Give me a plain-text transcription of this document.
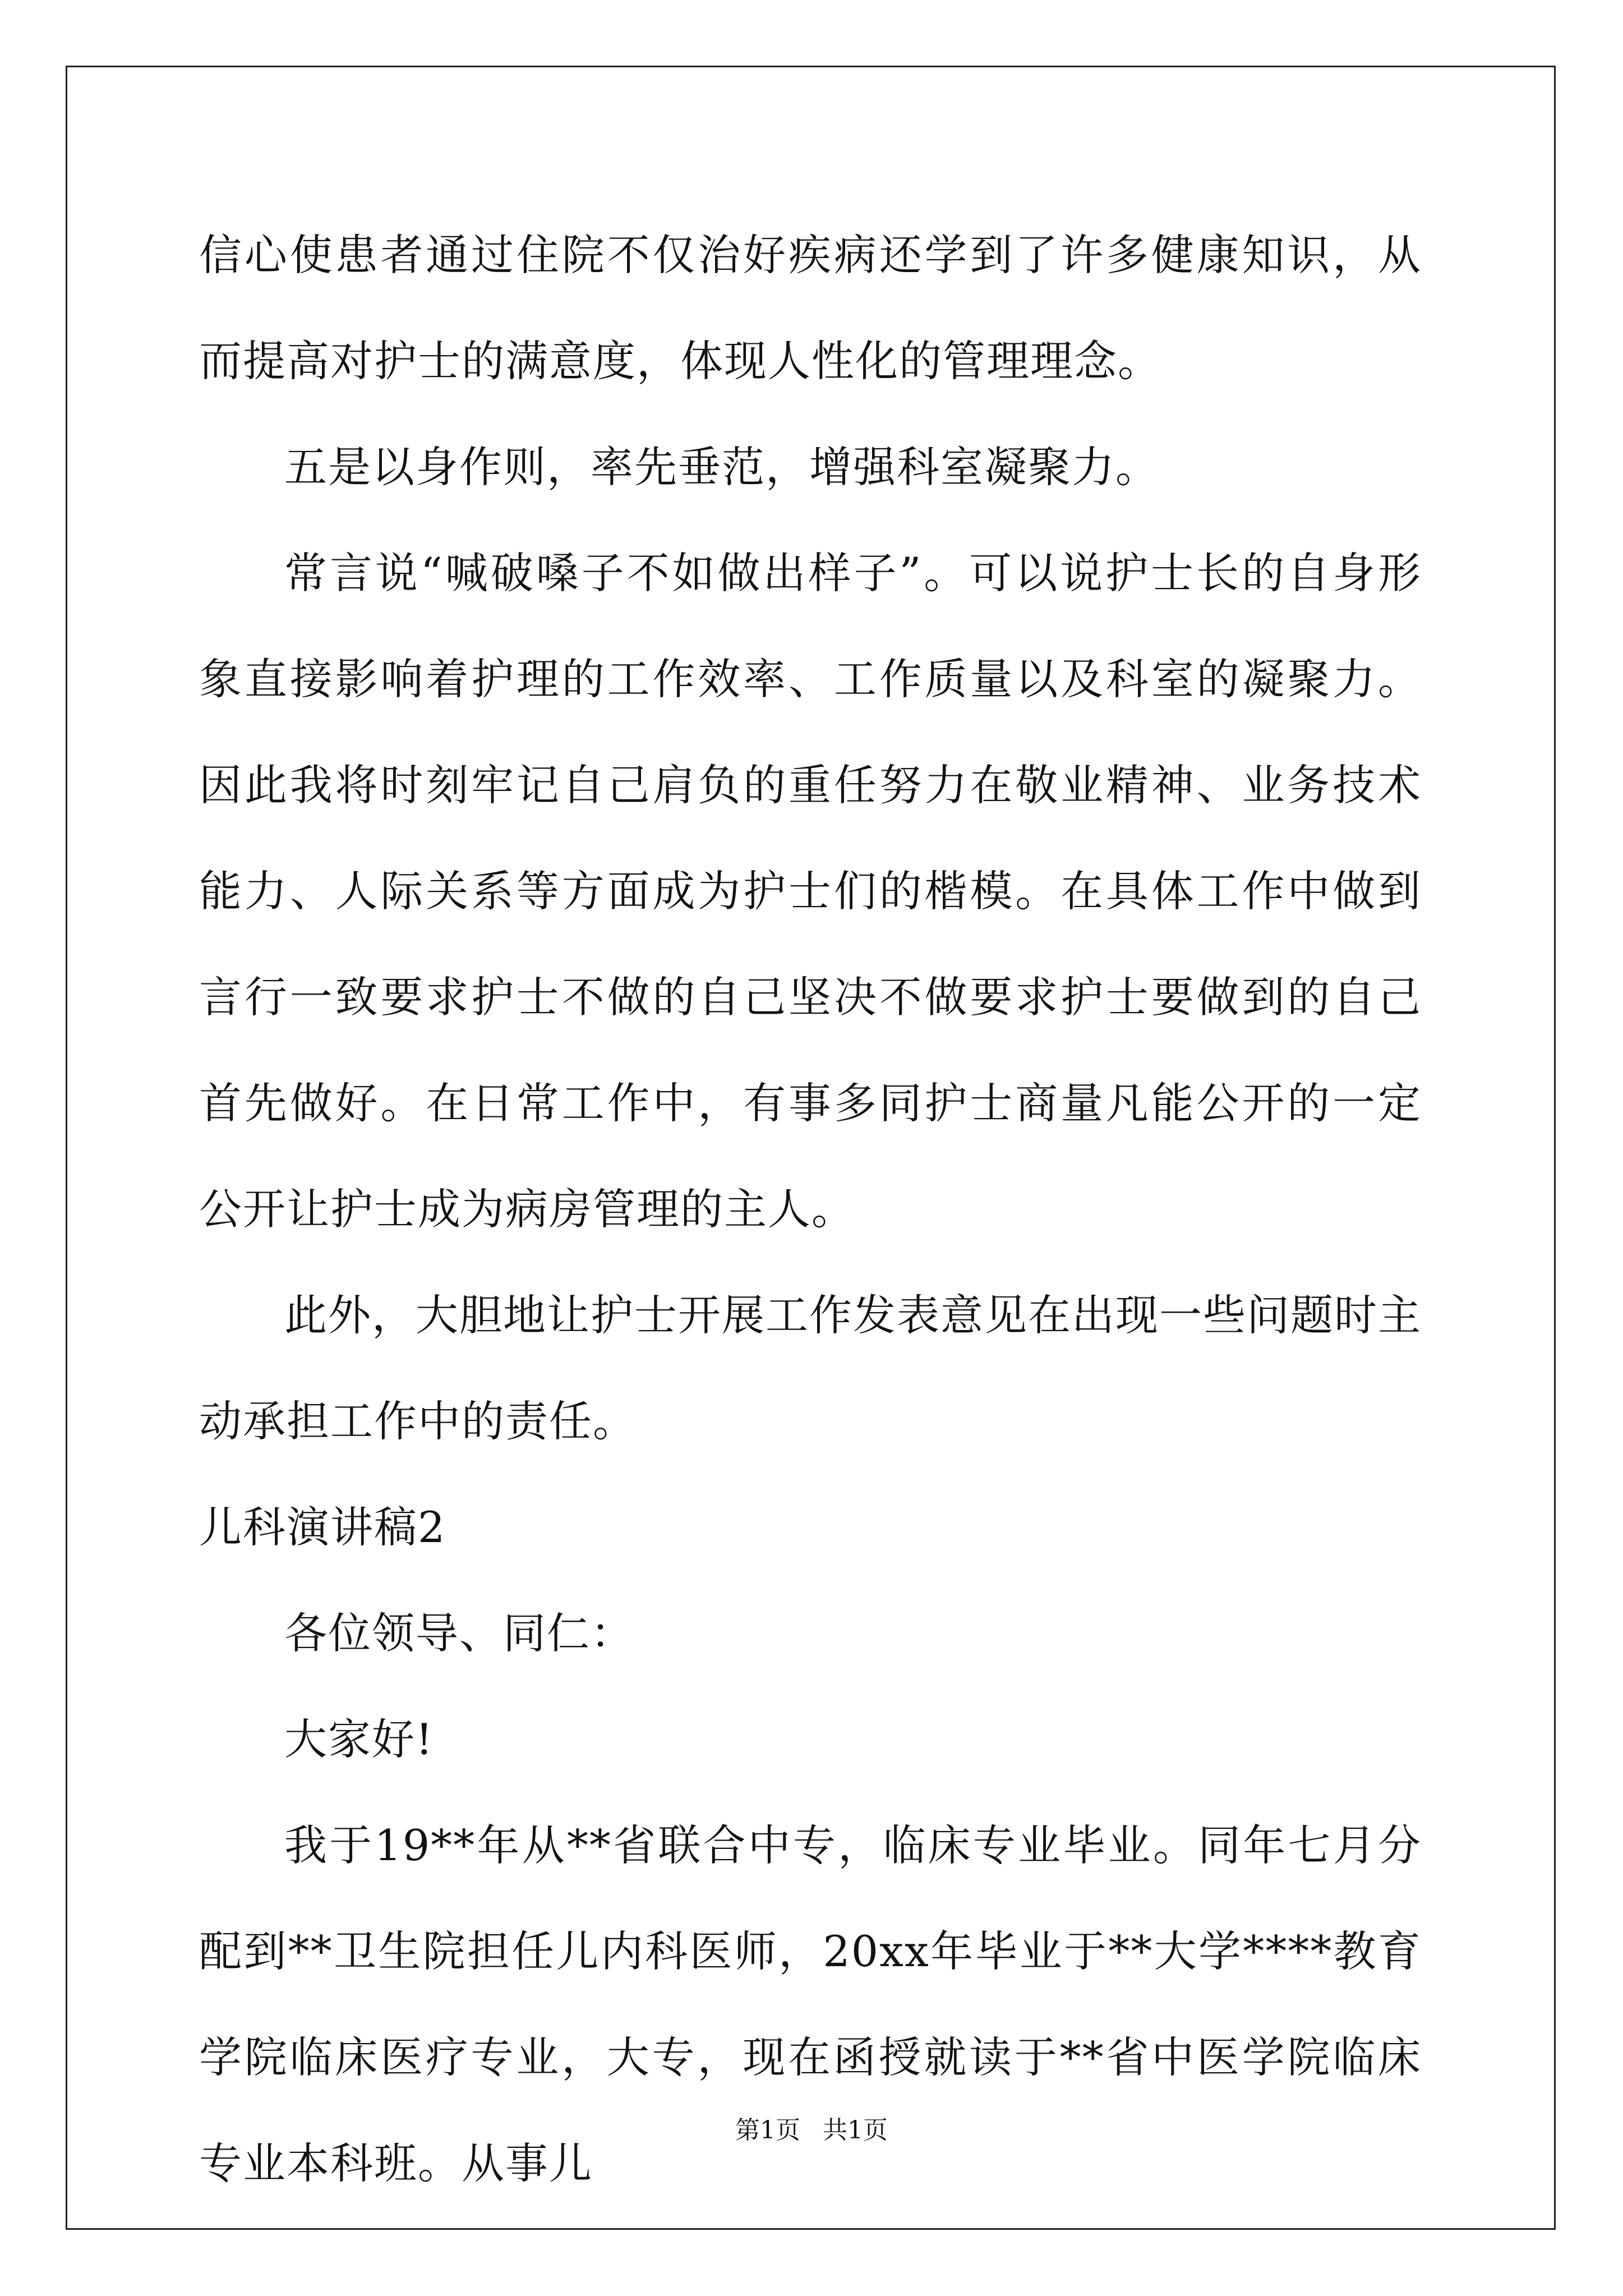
信心使患者通过住院不仅治好疾病还学到了许多健康知识，从而提高对护士的满意度，体现人性化的管理理念。

五是以身作则，率先垂范，增强科室凝聚力。

常言说“喊破嗓子不如做出样子”。可以说护士长的自身形象直接影响着护理的工作效率、工作质量以及科室的凝聚力。因此我将时刻牢记自己肩负的重任努力在敬业精神、业务技术能力、人际关系等方面成为护士们的楷模。在具体工作中做到言行一致要求护士不做的自己坚决不做要求护士要做到的自己首先做好。在日常工作中，有事多同护士商量凡能公开的一定公开让护士成为病房管理的主人。

此外，大胆地让护士开展工作发表意见在出现一些问题时主动承担工作中的责任。

儿科演讲稿2

各位领导、同仁：

大家好!

我于19**年从**省联合中专，临床专业毕业。同年七月分配到**卫生院担任儿内科医师，20xx年毕业于**大学****教育学院临床医疗专业，大专，现在函授就读于**省中医学院临床专业本科班。从事儿

第1页 共1页
